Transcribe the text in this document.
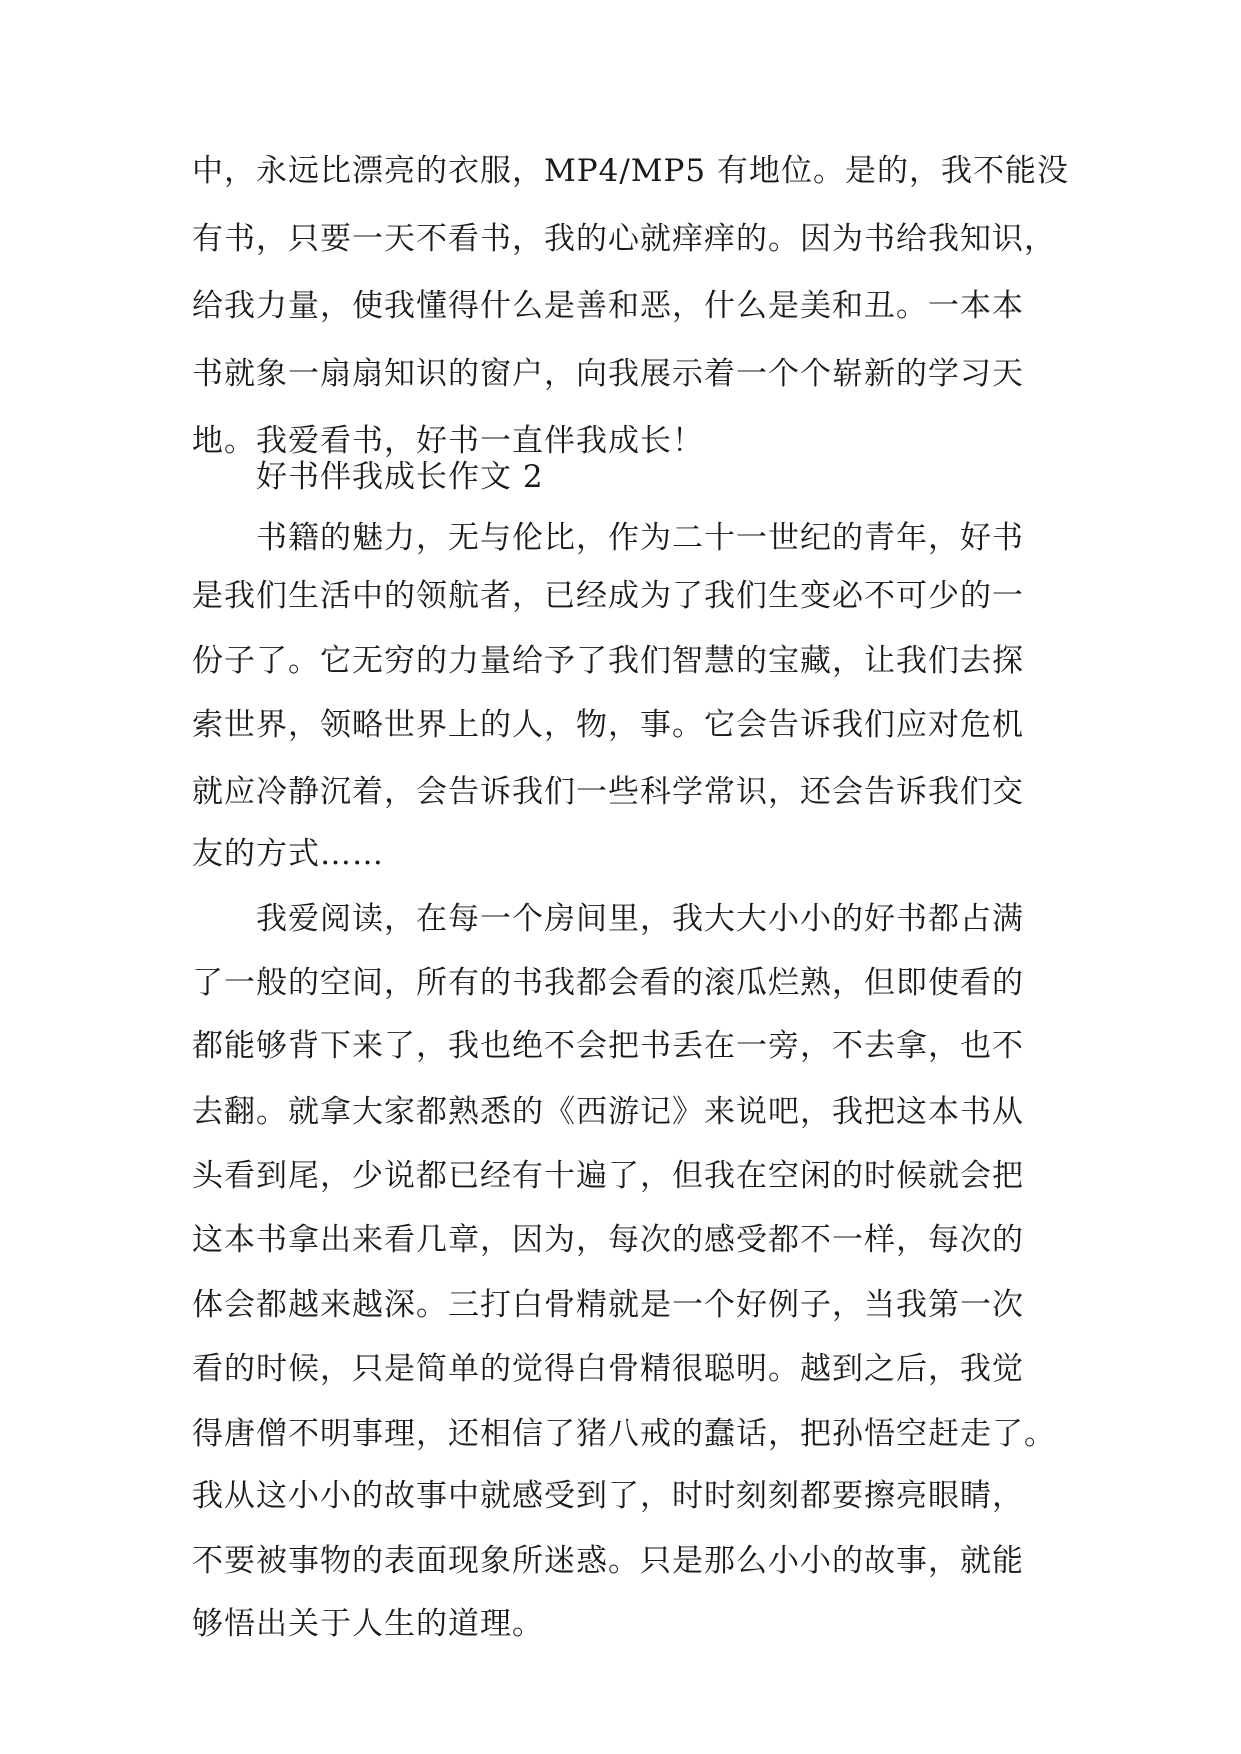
中，永远比漂亮的衣服，MP4/MP5 有地位。是的，我不能没
有书，只要一天不看书，我的心就痒痒的。因为书给我知识，
给我力量，使我懂得什么是善和恶，什么是美和丑。一本本
书就象一扇扇知识的窗户，向我展示着一个个崭新的学习天
地。我爱看书，好书一直伴我成长！
好书伴我成长作文 2
书籍的魅力，无与伦比，作为二十一世纪的青年，好书
是我们生活中的领航者，已经成为了我们生变必不可少的一
份子了。它无穷的力量给予了我们智慧的宝藏，让我们去探
索世界，领略世界上的人，物，事。它会告诉我们应对危机
就应冷静沉着，会告诉我们一些科学常识，还会告诉我们交
友的方式……
我爱阅读，在每一个房间里，我大大小小的好书都占满
了一般的空间，所有的书我都会看的滚瓜烂熟，但即使看的
都能够背下来了，我也绝不会把书丢在一旁，不去拿，也不
去翻。就拿大家都熟悉的《西游记》来说吧，我把这本书从
头看到尾，少说都已经有十遍了，但我在空闲的时候就会把
这本书拿出来看几章，因为，每次的感受都不一样，每次的
体会都越来越深。三打白骨精就是一个好例子，当我第一次
看的时候，只是简单的觉得白骨精很聪明。越到之后，我觉
得唐僧不明事理，还相信了猪八戒的蠢话，把孙悟空赶走了。
我从这小小的故事中就感受到了，时时刻刻都要擦亮眼睛，
不要被事物的表面现象所迷惑。只是那么小小的故事，就能
够悟出关于人生的道理。
